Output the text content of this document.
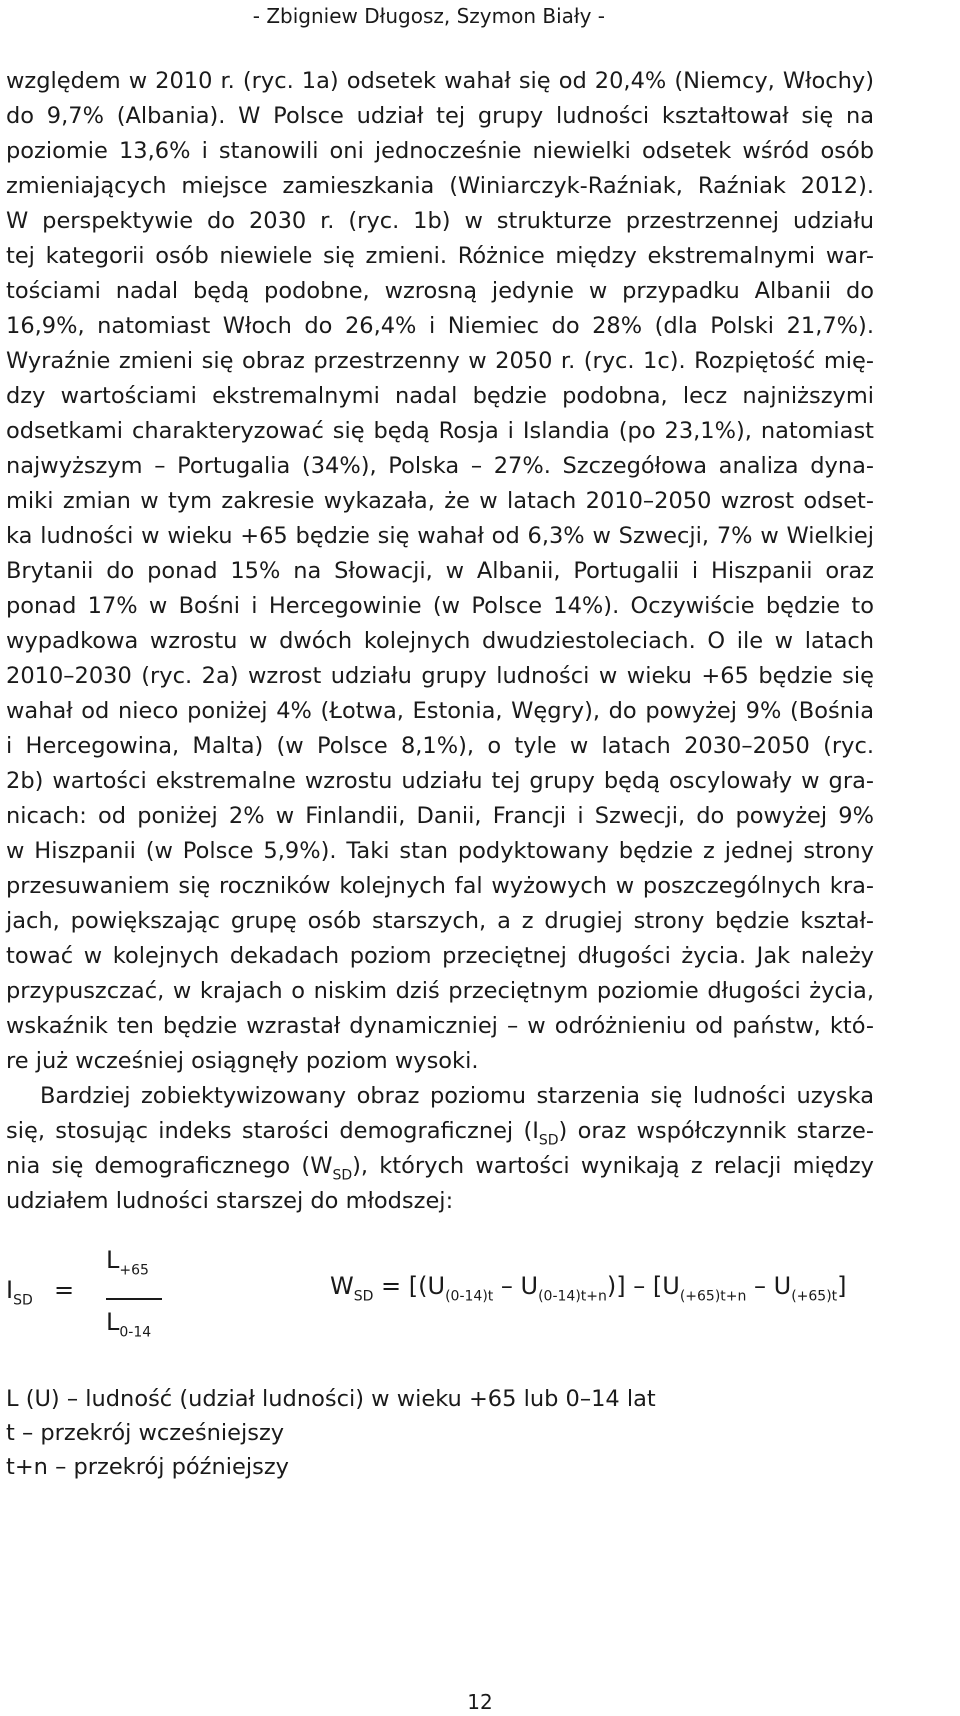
- Zbigniew Długosz, Szymon Biały -
względem w 2010 r. (ryc. 1a) odsetek wahał się od 20,4% (Niemcy, Włochy)
do 9,7% (Albania). W Polsce udział tej grupy ludności kształtował się na
poziomie 13,6% i stanowili oni jednocześnie niewielki odsetek wśród osób
zmieniających miejsce zamieszkania (Winiarczyk-Raźniak, Raźniak 2012).
W perspektywie do 2030 r. (ryc. 1b) w strukturze przestrzennej udziału
tej kategorii osób niewiele się zmieni. Różnice między ekstremalnymi war-
tościami nadal będą podobne, wzrosną jedynie w przypadku Albanii do
16,9%, natomiast Włoch do 26,4% i Niemiec do 28% (dla Polski 21,7%).
Wyraźnie zmieni się obraz przestrzenny w 2050 r. (ryc. 1c). Rozpiętość mię-
dzy wartościami ekstremalnymi nadal będzie podobna, lecz najniższymi
odsetkami charakteryzować się będą Rosja i Islandia (po 23,1%), natomiast
najwyższym – Portugalia (34%), Polska – 27%. Szczegółowa analiza dyna-
miki zmian w tym zakresie wykazała, że w latach 2010–2050 wzrost odset-
ka ludności w wieku +65 będzie się wahał od 6,3% w Szwecji, 7% w Wielkiej
Brytanii do ponad 15% na Słowacji, w Albanii, Portugalii i Hiszpanii oraz
ponad 17% w Bośni i Hercegowinie (w Polsce 14%). Oczywiście będzie to
wypadkowa wzrostu w dwóch kolejnych dwudziestoleciach. O ile w latach
2010–2030 (ryc. 2a) wzrost udziału grupy ludności w wieku +65 będzie się
wahał od nieco poniżej 4% (Łotwa, Estonia, Węgry), do powyżej 9% (Bośnia
i Hercegowina, Malta) (w Polsce 8,1%), o tyle w latach 2030–2050 (ryc.
2b) wartości ekstremalne wzrostu udziału tej grupy będą oscylowały w gra-
nicach: od poniżej 2% w Finlandii, Danii, Francji i Szwecji, do powyżej 9%
w Hiszpanii (w Polsce 5,9%). Taki stan podyktowany będzie z jednej strony
przesuwaniem się roczników kolejnych fal wyżowych w poszczególnych kra-
jach, powiększając grupę osób starszych, a z drugiej strony będzie kształ-
tować w kolejnych dekadach poziom przeciętnej długości życia. Jak należy
przypuszczać, w krajach o niskim dziś przeciętnym poziomie długości życia,
wskaźnik ten będzie wzrastał dynamiczniej – w odróżnieniu od państw, któ-
re już wcześniej osiągnęły poziom wysoki.
Bardziej zobiektywizowany obraz poziomu starzenia się ludności uzyska
się, stosując indeks starości demograficznej $(I_{SD})$ oraz współczynnik starze-
nia się demograficznego $(W_{SD})$, których wartości wynikają z relacji między
udziałem ludności starszej do młodszej:
$I_{SD}$ =
$L_{+65}$
$L_{0-14}$
$W_{SD} = [(U_{(0-14)t} - U_{(0-14)t+n})] - [U_{(+65)t+n} - U_{(+65)t}]$
L (U) – ludność (udział ludności) w wieku +65 lub 0–14 lat
t – przekrój wcześniejszy
t+n – przekrój późniejszy
12
